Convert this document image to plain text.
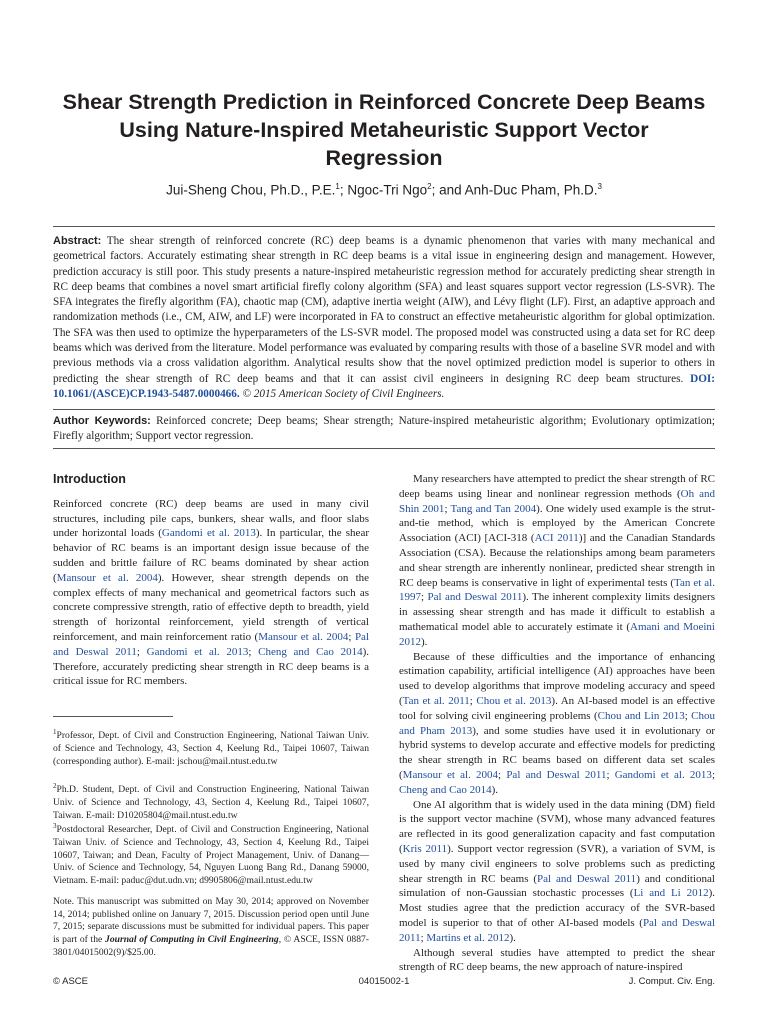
Shear Strength Prediction in Reinforced Concrete Deep Beams Using Nature-Inspired Metaheuristic Support Vector Regression
Jui-Sheng Chou, Ph.D., P.E.$^1$; Ngoc-Tri Ngo$^2$; and Anh-Duc Pham, Ph.D.$^3$

Abstract: The shear strength of reinforced concrete (RC) deep beams is a dynamic phenomenon that varies with many mechanical and geometrical factors. Accurately estimating shear strength in RC deep beams is a vital issue in engineering design and management. However, prediction accuracy is still poor. This study presents a nature-inspired metaheuristic regression method for accurately predicting shear strength in RC deep beams that combines a novel smart artificial firefly colony algorithm (SFA) and least squares support vector regression (LS-SVR). The SFA integrates the firefly algorithm (FA), chaotic map (CM), adaptive inertia weight (AIW), and Lévy flight (LF). First, an adaptive approach and randomization methods (i.e., CM, AIW, and LF) were incorporated in FA to construct an effective metaheuristic algorithm for global optimization. The SFA was then used to optimize the hyperparameters of the LS-SVR model. The proposed model was constructed using a data set for RC deep beams which was derived from the literature. Model performance was evaluated by comparing results with those of a baseline SVR model and with previous methods via a cross validation algorithm. Analytical results show that the novel optimized prediction model is superior to others in predicting the shear strength of RC deep beams and that it can assist civil engineers in designing RC deep beam structures. DOI: 10.1061/(ASCE)CP.1943-5487.0000466. © 2015 American Society of Civil Engineers.

Author Keywords: Reinforced concrete; Deep beams; Shear strength; Nature-inspired metaheuristic algorithm; Evolutionary optimization; Firefly algorithm; Support vector regression.

Introduction

Reinforced concrete (RC) deep beams are used in many civil structures, including pile caps, bunkers, shear walls, and floor slabs under horizontal loads (Gandomi et al. 2013). In particular, the shear behavior of RC beams is an important design issue because of the sudden and brittle failure of RC beams dominated by shear action (Mansour et al. 2004). However, shear strength depends on the complex effects of many mechanical and geometrical factors such as concrete compressive strength, ratio of effective depth to breadth, yield strength of horizontal reinforcement, yield strength of vertical reinforcement, and main reinforcement ratio (Mansour et al. 2004; Pal and Deswal 2011; Gandomi et al. 2013; Cheng and Cao 2014). Therefore, accurately predicting shear strength in RC deep beams is a critical issue for RC members.

$^1$Professor, Dept. of Civil and Construction Engineering, National Taiwan Univ. of Science and Technology, 43, Section 4, Keelung Rd., Taipei 10607, Taiwan (corresponding author). E-mail: jschou@mail.ntust.edu.tw

$^2$Ph.D. Student, Dept. of Civil and Construction Engineering, National Taiwan Univ. of Science and Technology, 43, Section 4, Keelung Rd., Taipei 10607, Taiwan. E-mail: D10205804@mail.ntust.edu.tw

$^3$Postdoctoral Researcher, Dept. of Civil and Construction Engineering, National Taiwan Univ. of Science and Technology, 43, Section 4, Keelung Rd., Taipei 10607, Taiwan; and Dean, Faculty of Project Management, Univ. of Danang—Univ. of Science and Technology, 54, Nguyen Luong Bang Rd., Danang 59000, Vietnam. E-mail: paduc@dut.udn.vn; d9905806@mail.ntust.edu.tw

Note. This manuscript was submitted on May 30, 2014; approved on November 14, 2014; published online on January 7, 2015. Discussion period open until June 7, 2015; separate discussions must be submitted for individual papers. This paper is part of the Journal of Computing in Civil Engineering, © ASCE, ISSN 0887-3801/04015002(9)/$25.00.

Many researchers have attempted to predict the shear strength of RC deep beams using linear and nonlinear regression methods (Oh and Shin 2001; Tang and Tan 2004). One widely used example is the strut-and-tie method, which is employed by the American Concrete Association (ACI) [ACI-318 (ACI 2011)] and the Canadian Standards Association (CSA). Because the relationships among beam parameters and shear strength are inherently nonlinear, predicted shear strength in RC deep beams is conservative in light of experimental tests (Tan et al. 1997; Pal and Deswal 2011). The inherent complexity limits designers in assessing shear strength and has made it difficult to establish a mathematical model able to accurately estimate it (Amani and Moeini 2012).

Because of these difficulties and the importance of enhancing estimation capability, artificial intelligence (AI) approaches have been used to develop algorithms that improve modeling accuracy and speed (Tan et al. 2011; Chou et al. 2013). An AI-based model is an effective tool for solving civil engineering problems (Chou and Lin 2013; Chou and Pham 2013), and some studies have used it in evolutionary or hybrid systems to develop accurate and effective models for predicting the shear strength in RC beams based on different data set scales (Mansour et al. 2004; Pal and Deswal 2011; Gandomi et al. 2013; Cheng and Cao 2014).

One AI algorithm that is widely used in the data mining (DM) field is the support vector machine (SVM), whose many advanced features are reflected in its good generalization capacity and fast computation (Kris 2011). Support vector regression (SVR), a variation of SVM, is used by many civil engineers to solve problems such as predicting shear strength in RC beams (Pal and Deswal 2011) and conditional simulation of non-Gaussian stochastic processes (Li and Li 2012). Most studies agree that the prediction accuracy of the SVR-based model is superior to that of other AI-based models (Pal and Deswal 2011; Martins et al. 2012).

Although several studies have attempted to predict the shear strength of RC deep beams, the new approach of nature-inspired

© ASCE	04015002-1	J. Comput. Civ. Eng.
